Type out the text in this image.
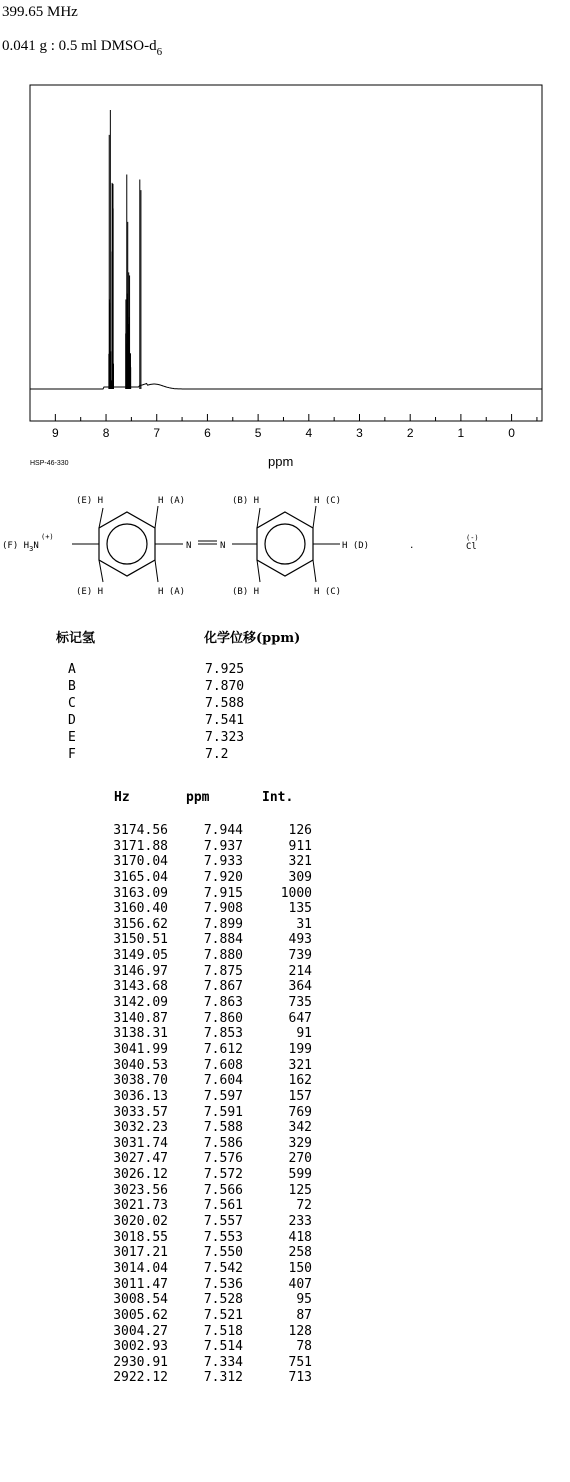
399.65 MHz
0.041 g : 0.5 ml DMSO-$d_6$
9	8	7	6	5	4	3	2	1	0
ppm
HSP-46-330
(E) H	H (A)	(B) H	H (C)
(F) $H_3N$
(+)
N	N	H (D)	.
(-)
Cl
(E) H	H (A)	(B) H	H (C)
标记氢	化学位移(ppm)
A	7.925
B	7.870
C	7.588
D	7.541
E	7.323
F	7.2
Hz	ppm	Int.
3174.56	7.944	126
3171.88	7.937	911
3170.04	7.933	321
3165.04	7.920	309
3163.09	7.915	1000
3160.40	7.908	135
3156.62	7.899	31
3150.51	7.884	493
3149.05	7.880	739
3146.97	7.875	214
3143.68	7.867	364
3142.09	7.863	735
3140.87	7.860	647
3138.31	7.853	91
3041.99	7.612	199
3040.53	7.608	321
3038.70	7.604	162
3036.13	7.597	157
3033.57	7.591	769
3032.23	7.588	342
3031.74	7.586	329
3027.47	7.576	270
3026.12	7.572	599
3023.56	7.566	125
3021.73	7.561	72
3020.02	7.557	233
3018.55	7.553	418
3017.21	7.550	258
3014.04	7.542	150
3011.47	7.536	407
3008.54	7.528	95
3005.62	7.521	87
3004.27	7.518	128
3002.93	7.514	78
2930.91	7.334	751
2922.12	7.312	713
